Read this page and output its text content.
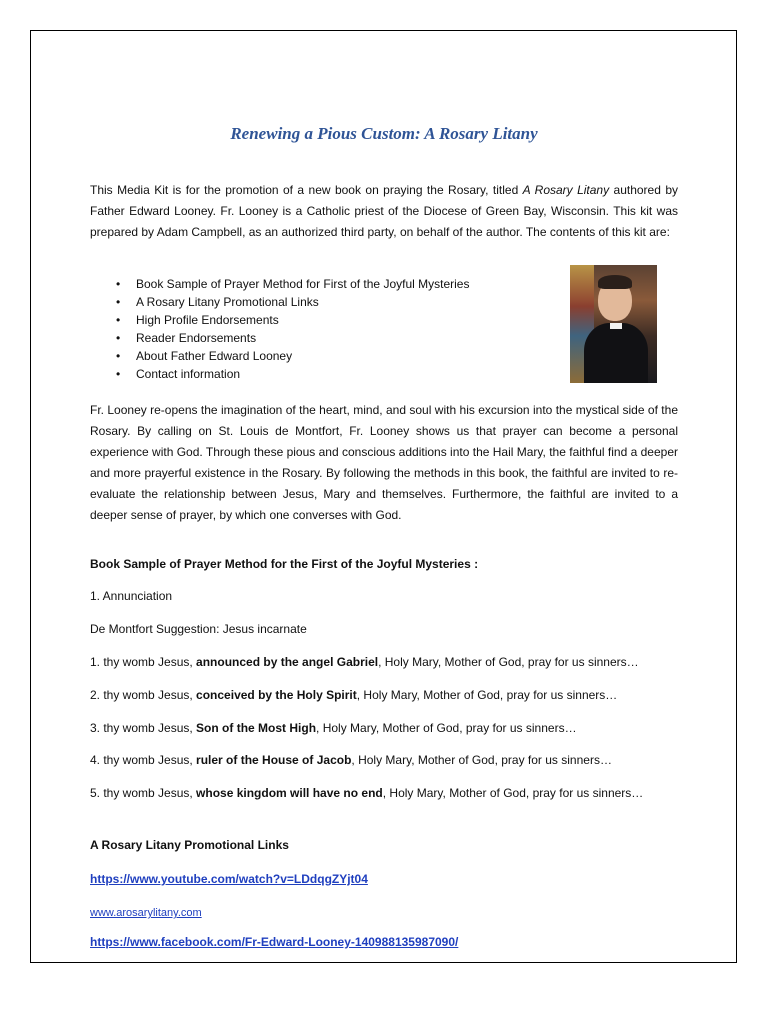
Renewing a Pious Custom: A Rosary Litany

This Media Kit is for the promotion of a new book on praying the Rosary, titled A Rosary Litany authored by Father Edward Looney. Fr. Looney is a Catholic priest of the Diocese of Green Bay, Wisconsin. This kit was prepared by Adam Campbell, as an authorized third party, on behalf of the author. The contents of this kit are:

• Book Sample of Prayer Method for First of the Joyful Mysteries
• A Rosary Litany Promotional Links
• High Profile Endorsements
• Reader Endorsements
• About Father Edward Looney
• Contact information

Fr. Looney re-opens the imagination of the heart, mind, and soul with his excursion into the mystical side of the Rosary. By calling on St. Louis de Montfort, Fr. Looney shows us that prayer can become a personal experience with God. Through these pious and conscious additions into the Hail Mary, the faithful find a deeper and more prayerful existence in the Rosary. By following the methods in this book, the faithful are invited to re-evaluate the relationship between Jesus, Mary and themselves. Furthermore, the faithful are invited to a deeper sense of prayer, by which one converses with God.

Book Sample of Prayer Method for the First of the Joyful Mysteries :

1. Annunciation

De Montfort Suggestion: Jesus incarnate

1. thy womb Jesus, announced by the angel Gabriel, Holy Mary, Mother of God, pray for us sinners…

2. thy womb Jesus, conceived by the Holy Spirit, Holy Mary, Mother of God, pray for us sinners…

3. thy womb Jesus, Son of the Most High, Holy Mary, Mother of God, pray for us sinners…

4. thy womb Jesus, ruler of the House of Jacob, Holy Mary, Mother of God, pray for us sinners…

5. thy womb Jesus, whose kingdom will have no end, Holy Mary, Mother of God, pray for us sinners…

A Rosary Litany Promotional Links

https://www.youtube.com/watch?v=LDdqgZYjt04

www.arosarylitany.com

https://www.facebook.com/Fr-Edward-Looney-140988135987090/
